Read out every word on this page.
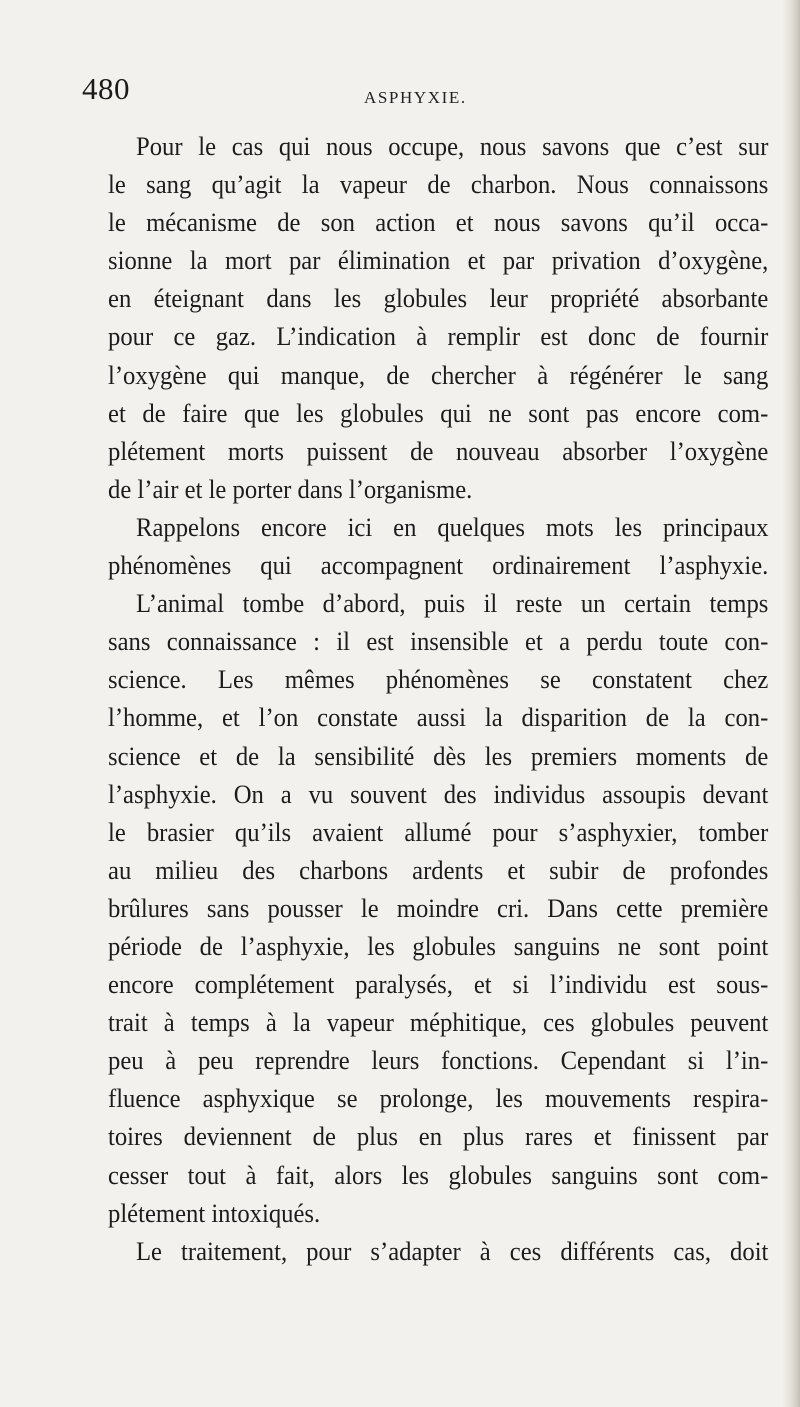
480	ASPHYXIE.
Pour le cas qui nous occupe, nous savons que c’est sur
le sang qu’agit la vapeur de charbon. Nous connaissons
le mécanisme de son action et nous savons qu’il occa-
sionne la mort par élimination et par privation d’oxygène,
en éteignant dans les globules leur propriété absorbante
pour ce gaz. L’indication à remplir est donc de fournir
l’oxygène qui manque, de chercher à régénérer le sang
et de faire que les globules qui ne sont pas encore com-
plétement morts puissent de nouveau absorber l’oxygène
de l’air et le porter dans l’organisme.
Rappelons encore ici en quelques mots les principaux
phénomènes qui accompagnent ordinairement l’asphyxie.
L’animal tombe d’abord, puis il reste un certain temps
sans connaissance : il est insensible et a perdu toute con-
science. Les mêmes phénomènes se constatent chez
l’homme, et l’on constate aussi la disparition de la con-
science et de la sensibilité dès les premiers moments de
l’asphyxie. On a vu souvent des individus assoupis devant
le brasier qu’ils avaient allumé pour s’asphyxier, tomber
au milieu des charbons ardents et subir de profondes
brûlures sans pousser le moindre cri. Dans cette première
période de l’asphyxie, les globules sanguins ne sont point
encore complétement paralysés, et si l’individu est sous-
trait à temps à la vapeur méphitique, ces globules peuvent
peu à peu reprendre leurs fonctions. Cependant si l’in-
fluence asphyxique se prolonge, les mouvements respira-
toires deviennent de plus en plus rares et finissent par
cesser tout à fait, alors les globules sanguins sont com-
plétement intoxiqués.
Le traitement, pour s’adapter à ces différents cas, doit
